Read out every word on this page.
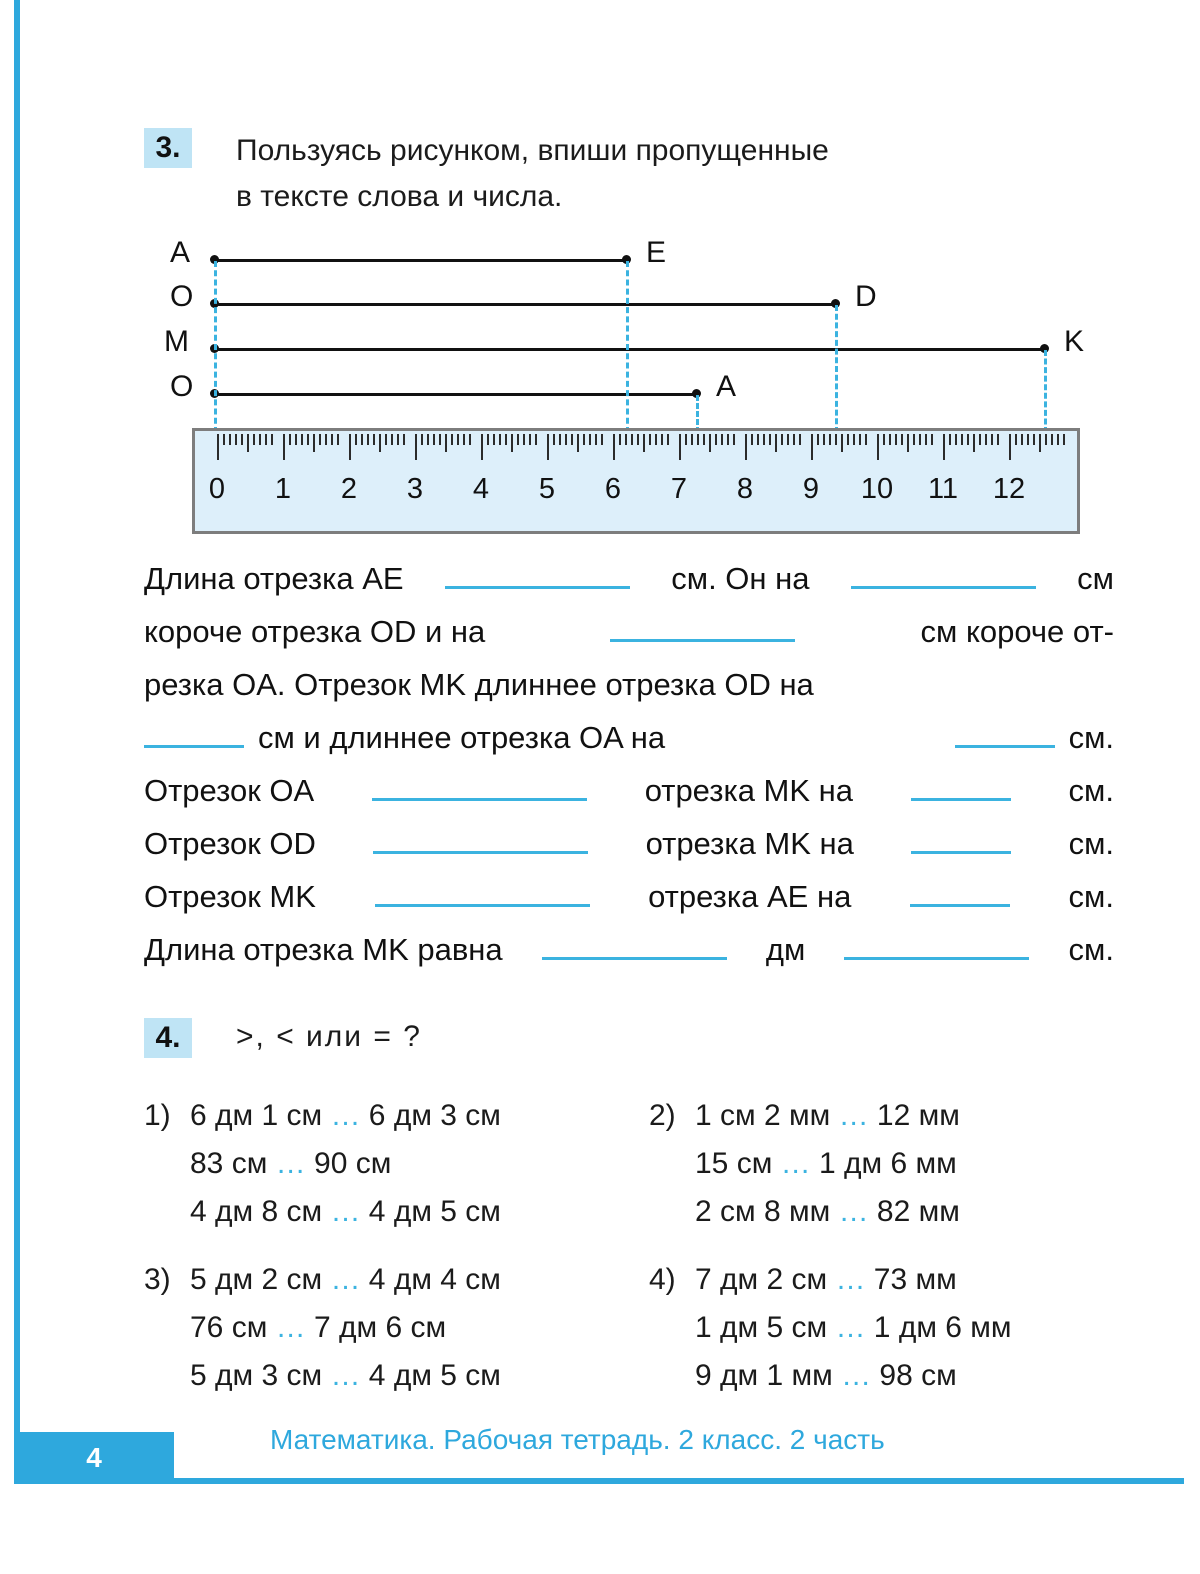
4
Математика. Рабочая тетрадь. 2 класс. 2 часть
3.	Пользуясь рисунком, впиши пропущенные
в тексте слова и числа.
A	E
O	D
M	K
O	A
0 1 2 3 4 5 6 7 8 9 10 11 12
Длина отрезка AE	см. Он на	см
короче отрезка OD и на	см короче от-
резка OA. Отрезок MK длиннее отрезка OD на
см и длиннее отрезка OA на	см.
Отрезок OA	отрезка MK на	см.
Отрезок OD	отрезка MK на	см.
Отрезок MK	отрезка AE на	см.
Длина отрезка MK равна	дм	см.
4.	>, < или = ?
1) 6 дм 1 см … 6 дм 3 см
83 см … 90 см
4 дм 8 см … 4 дм 5 см
2) 1 см 2 мм … 12 мм
15 см … 1 дм 6 мм
2 см 8 мм … 82 мм
3) 5 дм 2 см … 4 дм 4 см
76 см … 7 дм 6 см
5 дм 3 см … 4 дм 5 см
4) 7 дм 2 см … 73 мм
1 дм 5 см … 1 дм 6 мм
9 дм 1 мм … 98 см
